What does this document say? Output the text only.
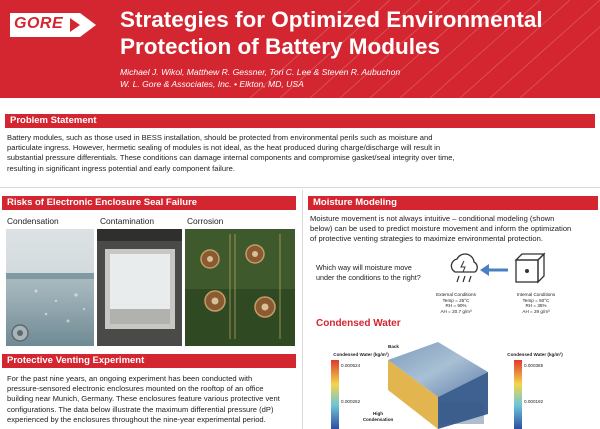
GORE	Strategies for Optimized Environmental
Protection of Battery Modules
Michael J. Wikol, Matthew R. Gessner, Tori C. Lee & Steven R. Aubuchon
W. L. Gore & Associates, Inc. • Elkton, MD, USA
Problem Statement
Battery modules, such as those used in BESS installation, should be protected from environmental perils such as moisture and
particulate ingress. However, hermetic sealing of modules is not ideal, as the heat produced during charge/discharge will result in
substantial pressure differentials. These conditions can damage internal components and compromise gasket/seal integrity over time,
resulting in significant ingress potential and early component failure.
Risks of Electronic Enclosure Seal Failure
Condensation	Contamination	Corrosion
Protective Venting Experiment
For the past nine years, an ongoing experiment has been conducted with
pressure-sensored electronic enclosures mounted on the rooftop of an office
building near Munich, Germany. These enclosures feature various protective vent
configurations. The data below illustrate the maximum differential pressure (dP)
experienced by the enclosures throughout the nine-year experimental period.
Moisture Modeling
Moisture movement is not always intuitive – conditional modeling (shown
below) can be used to predict moisture movement and inform the optimization
of protective venting strategies to maximize environmental protection.
Which way will moisture move
under the conditions to the right?
External Conditions
Temp = 25°C
RH = 90%
AH = 20.7 g/m³
Internal Conditions
Temp = 50°C
RH = 35%
AH = 29 g/m³
Condensed Water
Condensed Water (kg/m²)
0.000524
0.000262
Back
High
Condensation
Condensed Water (kg/m²)
0.000385
0.000192
